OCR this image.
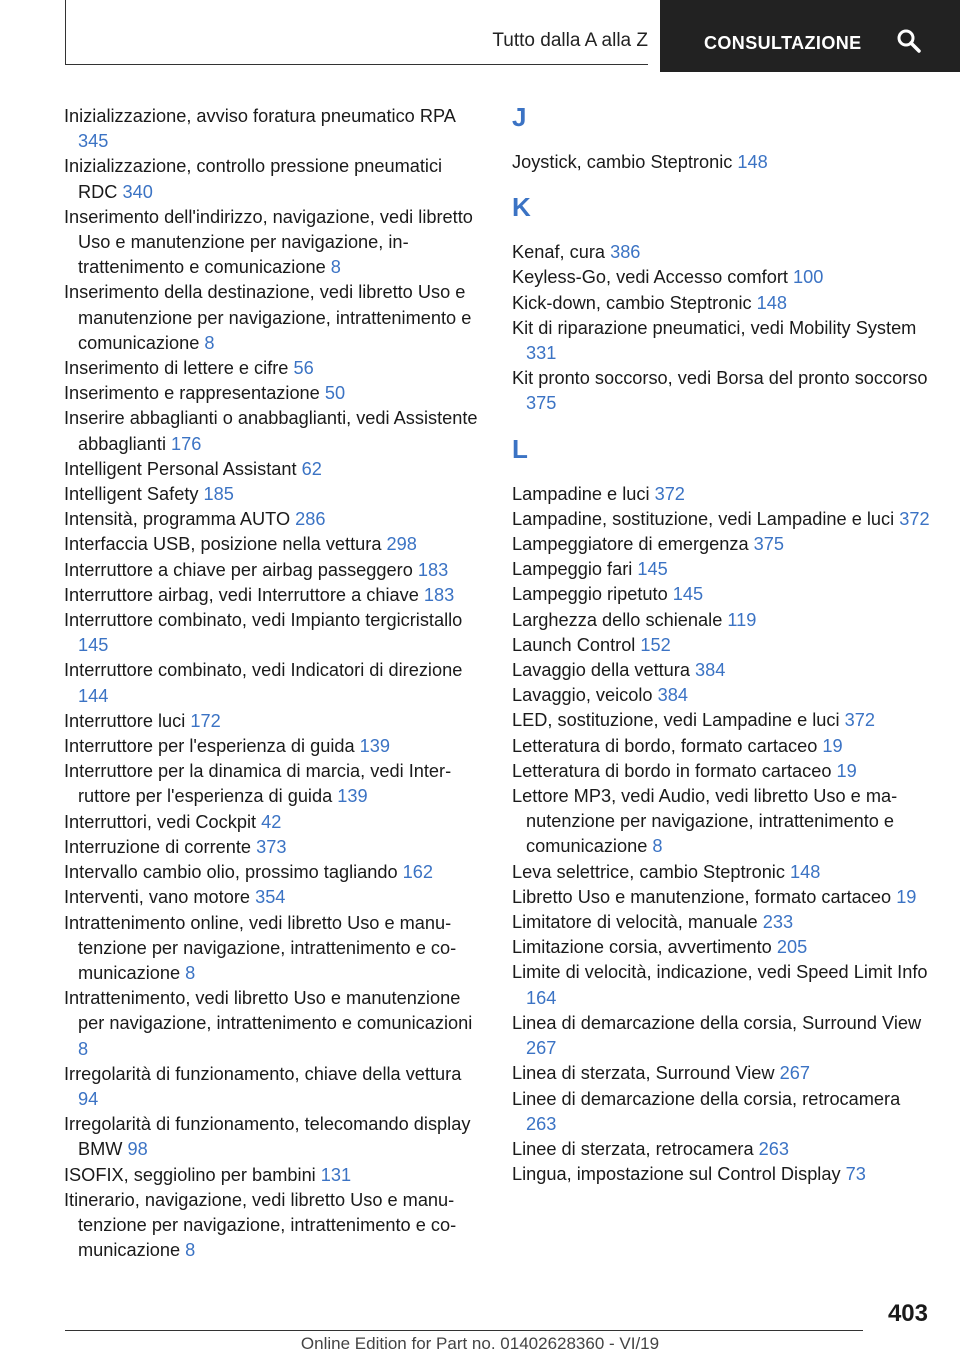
Tutto dalla A alla Z	CONSULTAZIONE
Inizializzazione, avviso foratura pneumatico RPA 345
Inizializzazione, controllo pressione pneumatici RDC 340
Inserimento dell'indirizzo, navigazione, vedi libretto Uso e manutenzione per navigazione, intrattenimento e comunicazione 8
Inserimento della destinazione, vedi libretto Uso e manutenzione per navigazione, intrattenimento e comunicazione 8
Inserimento di lettere e cifre 56
Inserimento e rappresentazione 50
Inserire abbaglianti o anabbaglianti, vedi Assistente abbaglianti 176
Intelligent Personal Assistant 62
Intelligent Safety 185
Intensità, programma AUTO 286
Interfaccia USB, posizione nella vettura 298
Interruttore a chiave per airbag passeggero 183
Interruttore airbag, vedi Interruttore a chiave 183
Interruttore combinato, vedi Impianto tergicristallo 145
Interruttore combinato, vedi Indicatori di direzione 144
Interruttore luci 172
Interruttore per l'esperienza di guida 139
Interruttore per la dinamica di marcia, vedi Interruttore per l'esperienza di guida 139
Interruttori, vedi Cockpit 42
Interruzione di corrente 373
Intervallo cambio olio, prossimo tagliando 162
Interventi, vano motore 354
Intrattenimento online, vedi libretto Uso e manutenzione per navigazione, intrattenimento e comunicazione 8
Intrattenimento, vedi libretto Uso e manutenzione per navigazione, intrattenimento e comunicazioni 8
Irregolarità di funzionamento, chiave della vettura 94
Irregolarità di funzionamento, telecomando display BMW 98
ISOFIX, seggiolino per bambini 131
Itinerario, navigazione, vedi libretto Uso e manutenzione per navigazione, intrattenimento e comunicazione 8
J
Joystick, cambio Steptronic 148
K
Kenaf, cura 386
Keyless-Go, vedi Accesso comfort 100
Kick-down, cambio Steptronic 148
Kit di riparazione pneumatici, vedi Mobility System 331
Kit pronto soccorso, vedi Borsa del pronto soccorso 375
L
Lampadine e luci 372
Lampadine, sostituzione, vedi Lampadine e luci 372
Lampeggiatore di emergenza 375
Lampeggio fari 145
Lampeggio ripetuto 145
Larghezza dello schienale 119
Launch Control 152
Lavaggio della vettura 384
Lavaggio, veicolo 384
LED, sostituzione, vedi Lampadine e luci 372
Letteratura di bordo, formato cartaceo 19
Letteratura di bordo in formato cartaceo 19
Lettore MP3, vedi Audio, vedi libretto Uso e manutenzione per navigazione, intrattenimento e comunicazione 8
Leva selettrice, cambio Steptronic 148
Libretto Uso e manutenzione, formato cartaceo 19
Limitatore di velocità, manuale 233
Limitazione corsia, avvertimento 205
Limite di velocità, indicazione, vedi Speed Limit Info 164
Linea di demarcazione della corsia, Surround View 267
Linea di sterzata, Surround View 267
Linee di demarcazione della corsia, retrocamera 263
Linee di sterzata, retrocamera 263
Lingua, impostazione sul Control Display 73
403
Online Edition for Part no. 01402628360 - VI/19
